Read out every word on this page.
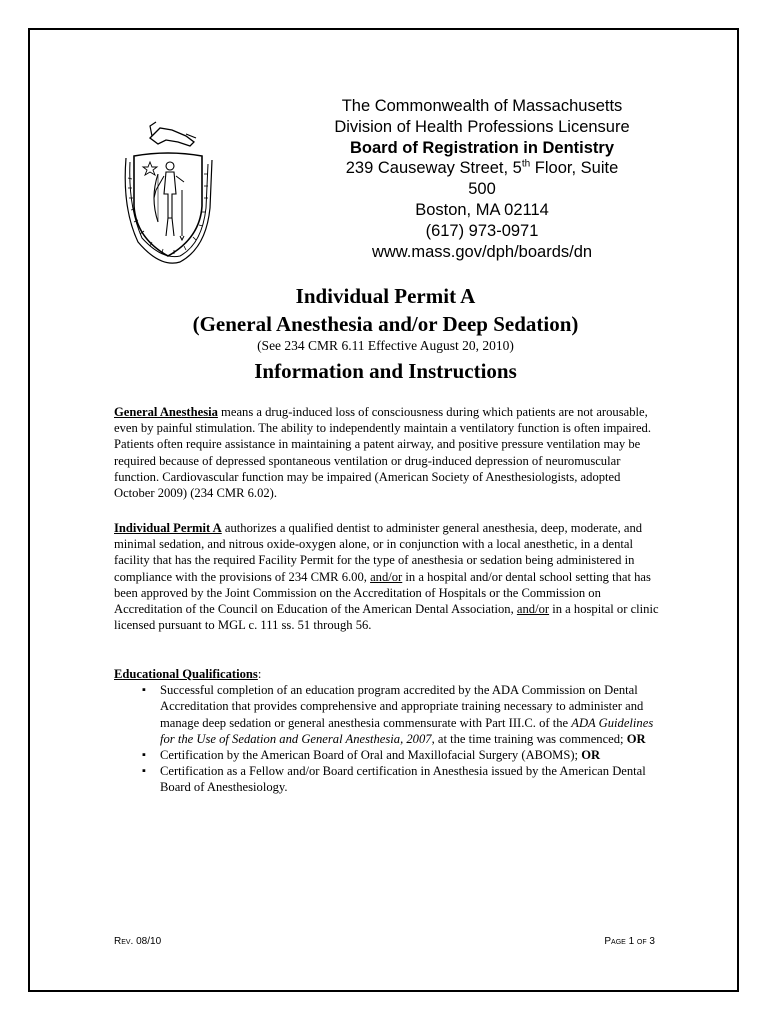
The Commonwealth of Massachusetts
Division of Health Professions Licensure
Board of Registration in Dentistry
239 Causeway Street, 5th Floor, Suite 500
Boston, MA 02114
(617) 973-0971
www.mass.gov/dph/boards/dn
Individual Permit A
(General Anesthesia and/or Deep Sedation)
(See 234 CMR 6.11 Effective August 20, 2010)
Information and Instructions
General Anesthesia means a drug-induced loss of consciousness during which patients are not arousable, even by painful stimulation. The ability to independently maintain a ventilatory function is often impaired. Patients often require assistance in maintaining a patent airway, and positive pressure ventilation may be required because of depressed spontaneous ventilation or drug-induced depression of neuromuscular function. Cardiovascular function may be impaired (American Society of Anesthesiologists, adopted October 2009) (234 CMR 6.02).
Individual Permit A authorizes a qualified dentist to administer general anesthesia, deep, moderate, and minimal sedation, and nitrous oxide-oxygen alone, or in conjunction with a local anesthetic, in a dental facility that has the required Facility Permit for the type of anesthesia or sedation being administered in compliance with the provisions of 234 CMR 6.00, and/or in a hospital and/or dental school setting that has been approved by the Joint Commission on the Accreditation of Hospitals or the Commission on Accreditation of the Council on Education of the American Dental Association, and/or in a hospital or clinic licensed pursuant to MGL c. 111 ss. 51 through 56.
Educational Qualifications:
▪ Successful completion of an education program accredited by the ADA Commission on Dental Accreditation that provides comprehensive and appropriate training necessary to administer and manage deep sedation or general anesthesia commensurate with Part III.C. of the ADA Guidelines for the Use of Sedation and General Anesthesia, 2007, at the time training was commenced; OR
▪ Certification by the American Board of Oral and Maxillofacial Surgery (ABOMS); OR
▪ Certification as a Fellow and/or Board certification in Anesthesia issued by the American Dental Board of Anesthesiology.
Rev. 08/10	Page 1 of 3
